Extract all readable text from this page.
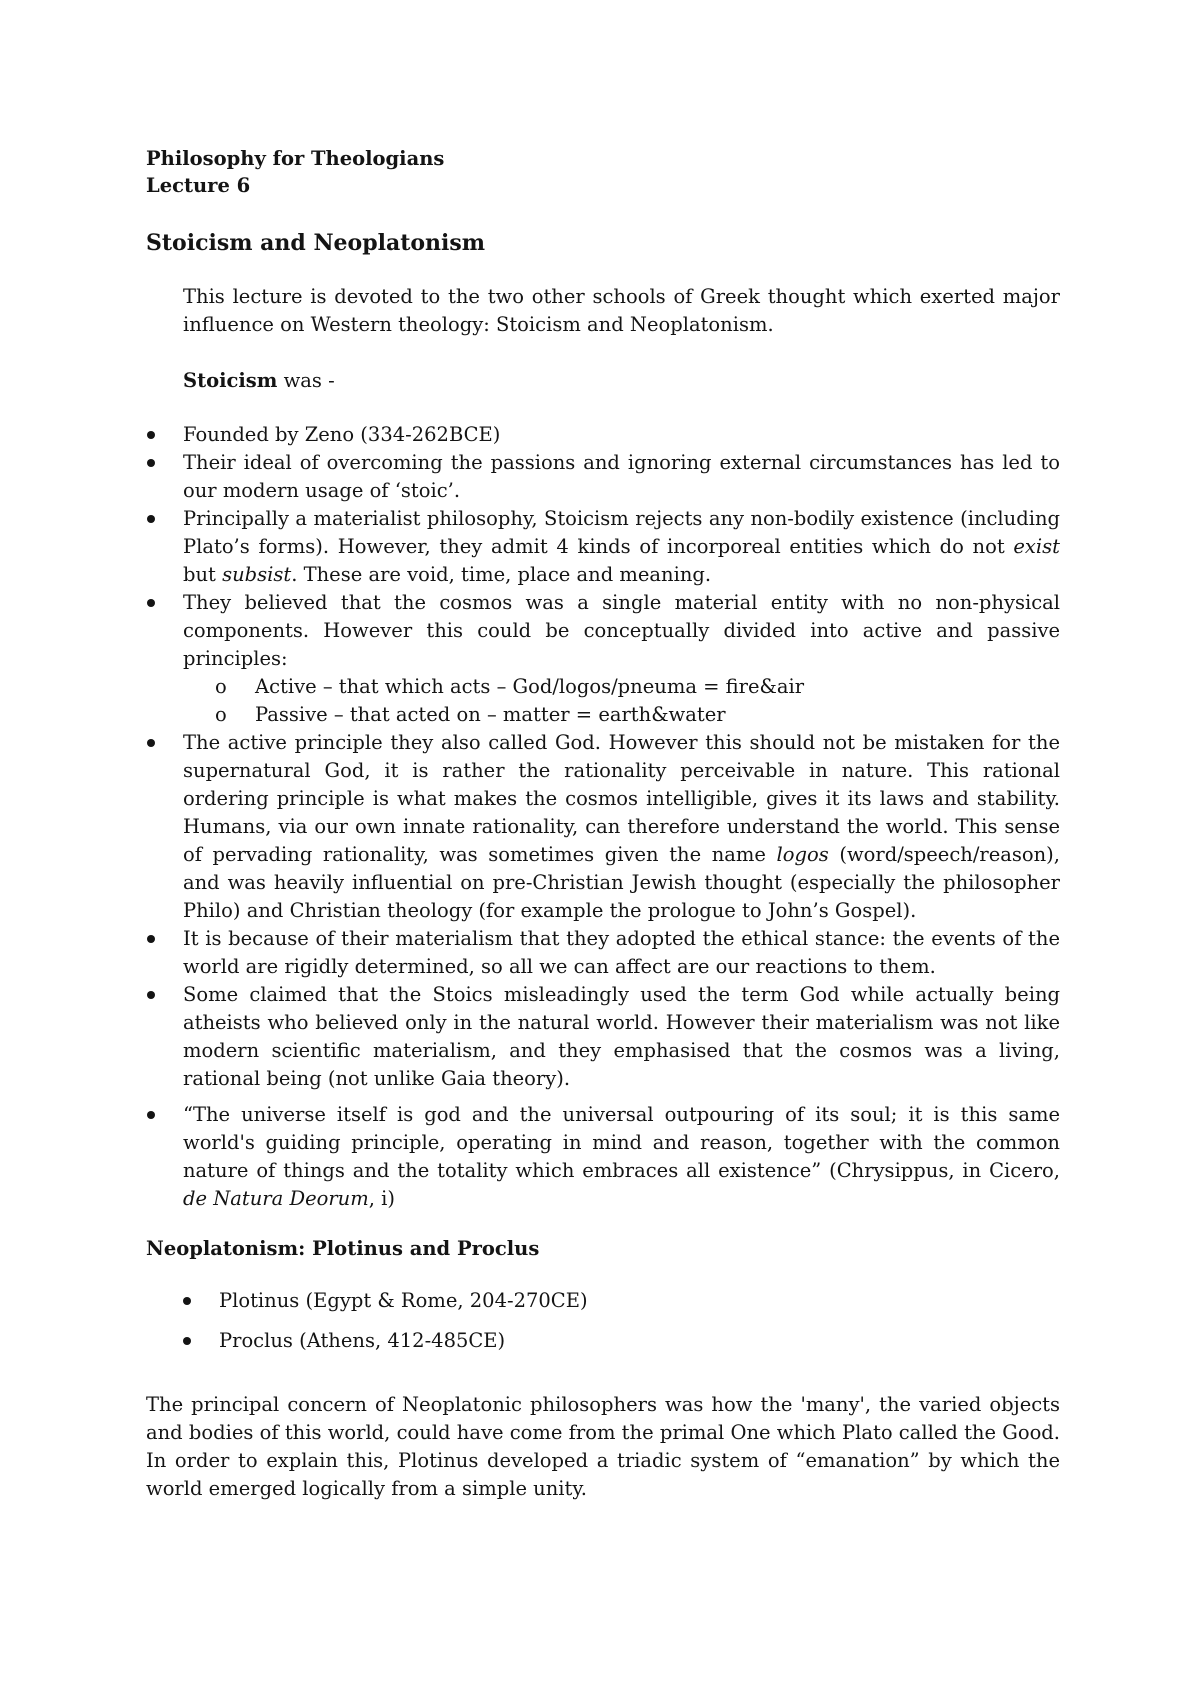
Philosophy for Theologians

Lecture 6

Stoicism and Neoplatonism

This lecture is devoted to the two other schools of Greek thought which exerted major influence on Western theology: Stoicism and Neoplatonism.

Stoicism was -

Founded by Zeno (334-262BCE)
Their ideal of overcoming the passions and ignoring external circumstances has led to our modern usage of ‘stoic’.
Principally a materialist philosophy, Stoicism rejects any non-bodily existence (including Plato’s forms). However, they admit 4 kinds of incorporeal entities which do not exist but subsist. These are void, time, place and meaning.
They believed that the cosmos was a single material entity with no non-physical components. However this could be conceptually divided into active and passive principles:
o Active – that which acts – God/logos/pneuma = fire&air
o Passive – that acted on – matter = earth&water
The active principle they also called God. However this should not be mistaken for the supernatural God, it is rather the rationality perceivable in nature. This rational ordering principle is what makes the cosmos intelligible, gives it its laws and stability. Humans, via our own innate rationality, can therefore understand the world. This sense of pervading rationality, was sometimes given the name logos (word/speech/reason), and was heavily influential on pre-Christian Jewish thought (especially the philosopher Philo) and Christian theology (for example the prologue to John’s Gospel).
It is because of their materialism that they adopted the ethical stance: the events of the world are rigidly determined, so all we can affect are our reactions to them.
Some claimed that the Stoics misleadingly used the term God while actually being atheists who believed only in the natural world. However their materialism was not like modern scientific materialism, and they emphasised that the cosmos was a living, rational being (not unlike Gaia theory).
“The universe itself is god and the universal outpouring of its soul; it is this same world's guiding principle, operating in mind and reason, together with the common nature of things and the totality which embraces all existence” (Chrysippus, in Cicero, de Natura Deorum, i)

Neoplatonism: Plotinus and Proclus

Plotinus (Egypt & Rome, 204-270CE)
Proclus (Athens, 412-485CE)

The principal concern of Neoplatonic philosophers was how the 'many', the varied objects and bodies of this world, could have come from the primal One which Plato called the Good. In order to explain this, Plotinus developed a triadic system of “emanation” by which the world emerged logically from a simple unity.
